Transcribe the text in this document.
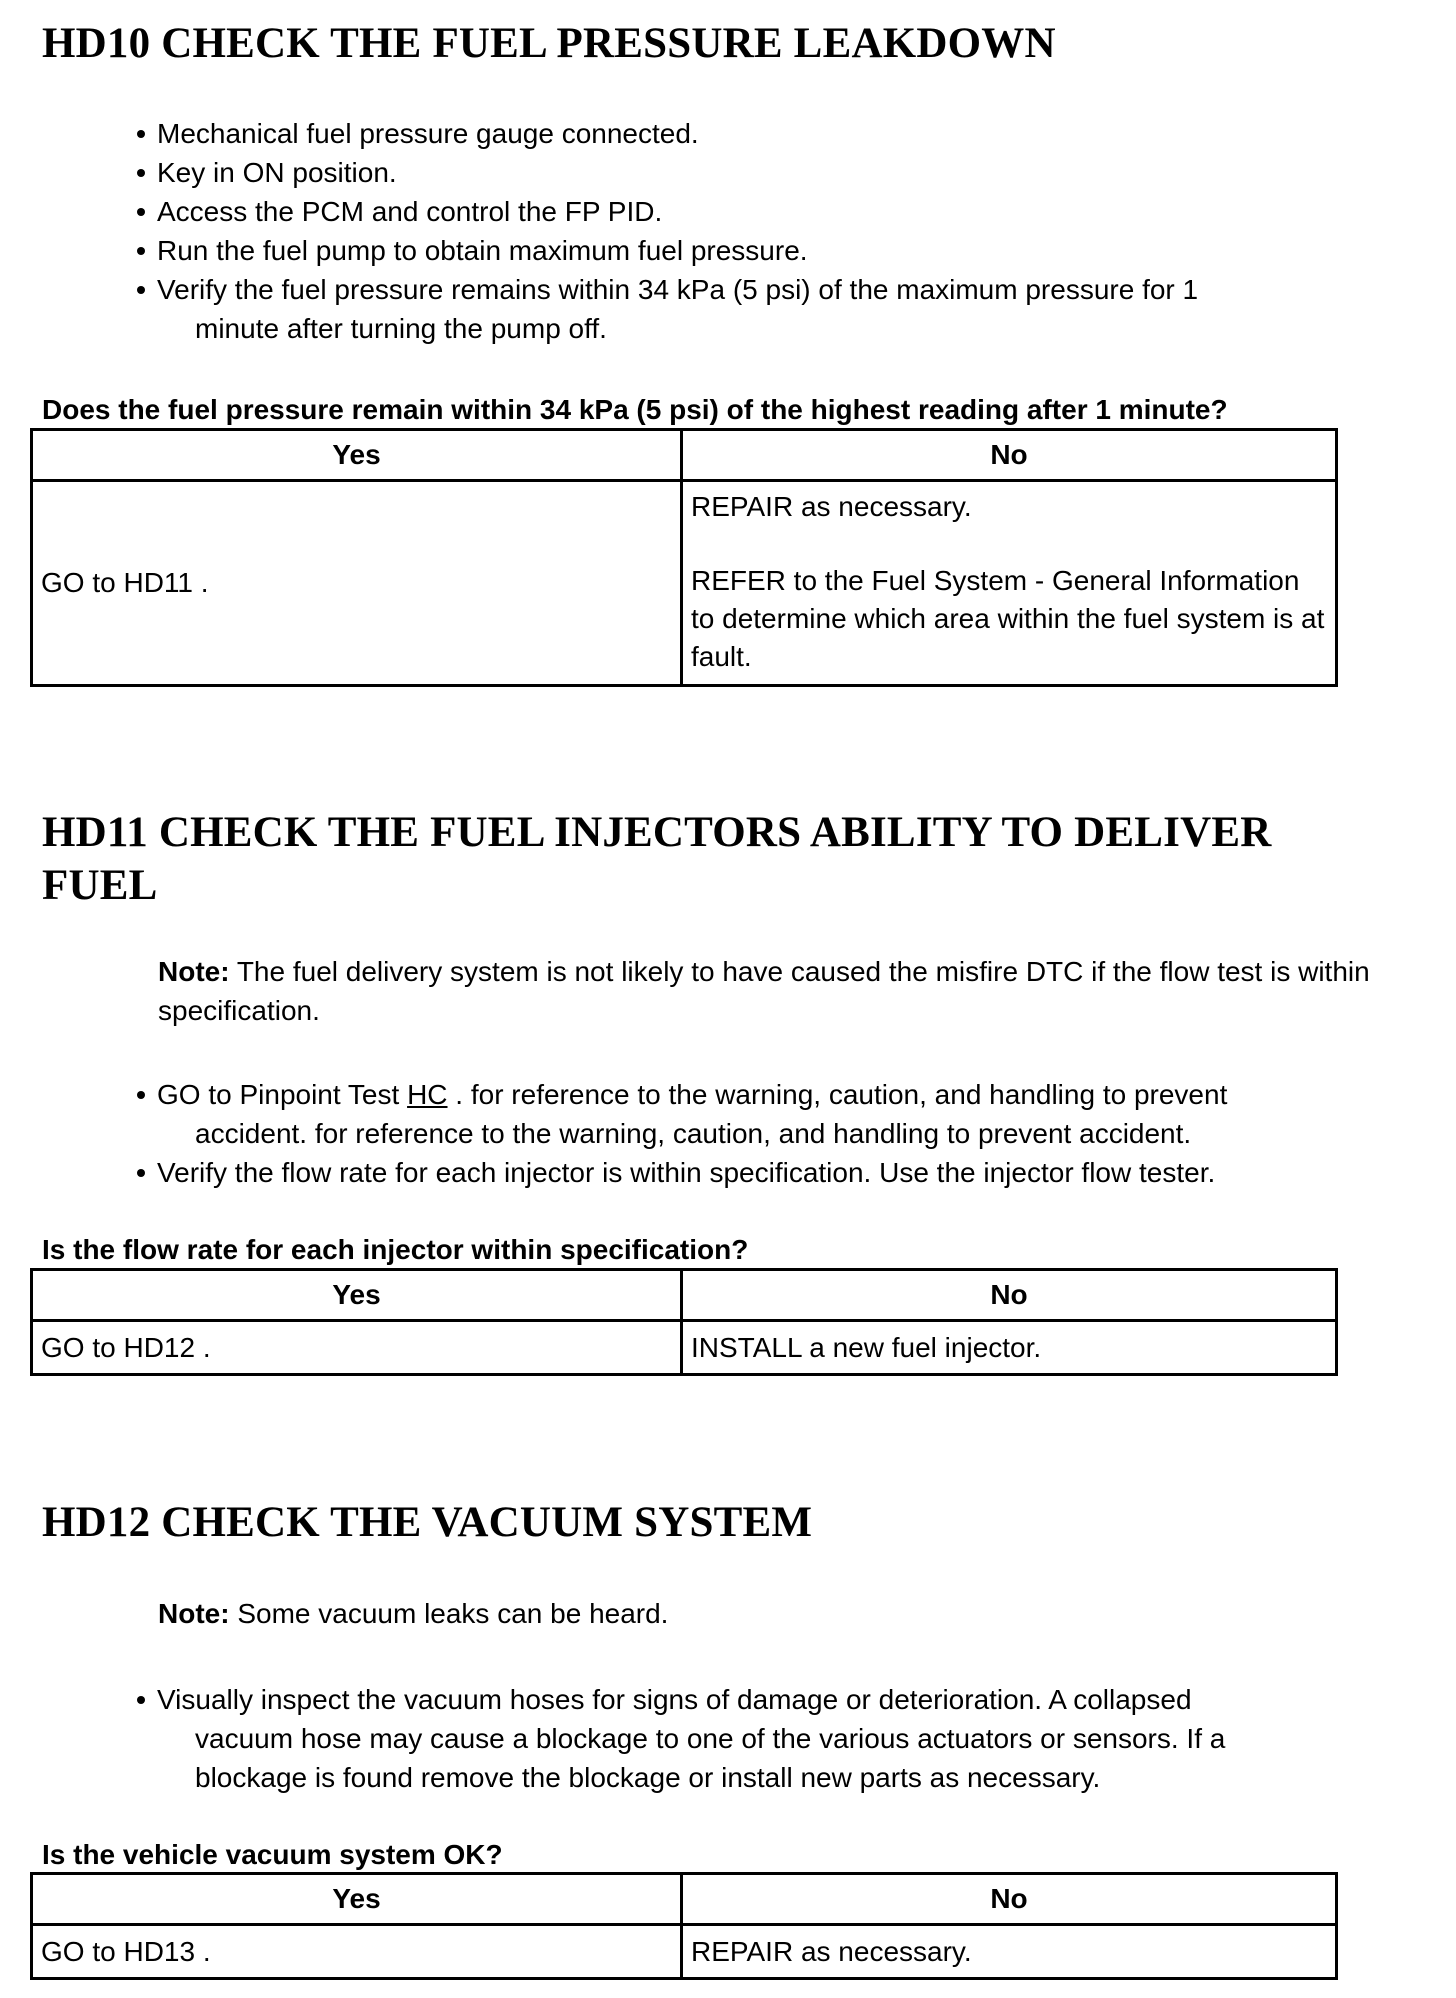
HD10 CHECK THE FUEL PRESSURE LEAKDOWN
Mechanical fuel pressure gauge connected.
Key in ON position.
Access the PCM and control the FP PID.
Run the fuel pump to obtain maximum fuel pressure.
Verify the fuel pressure remains within 34 kPa (5 psi) of the maximum pressure for 1
minute after turning the pump off.

Does the fuel pressure remain within 34 kPa (5 psi) of the highest reading after 1 minute?

Yes	No
GO to HD11 .	REPAIR as necessary.
REFER to the Fuel System - General Information to determine which area within the fuel system is at fault.
HD11 CHECK THE FUEL INJECTORS ABILITY TO DELIVER FUEL

Note: The fuel delivery system is not likely to have caused the misfire DTC if the flow test is within specification.

GO to Pinpoint Test HC . for reference to the warning, caution, and handling to prevent
accident. for reference to the warning, caution, and handling to prevent accident.
Verify the flow rate for each injector is within specification. Use the injector flow tester.

Is the flow rate for each injector within specification?

Yes	No
GO to HD12 .	INSTALL a new fuel injector.
HD12 CHECK THE VACUUM SYSTEM

Note: Some vacuum leaks can be heard.

Visually inspect the vacuum hoses for signs of damage or deterioration. A collapsed
vacuum hose may cause a blockage to one of the various actuators or sensors. If a
blockage is found remove the blockage or install new parts as necessary.

Is the vehicle vacuum system OK?

Yes	No
GO to HD13 .	REPAIR as necessary.
